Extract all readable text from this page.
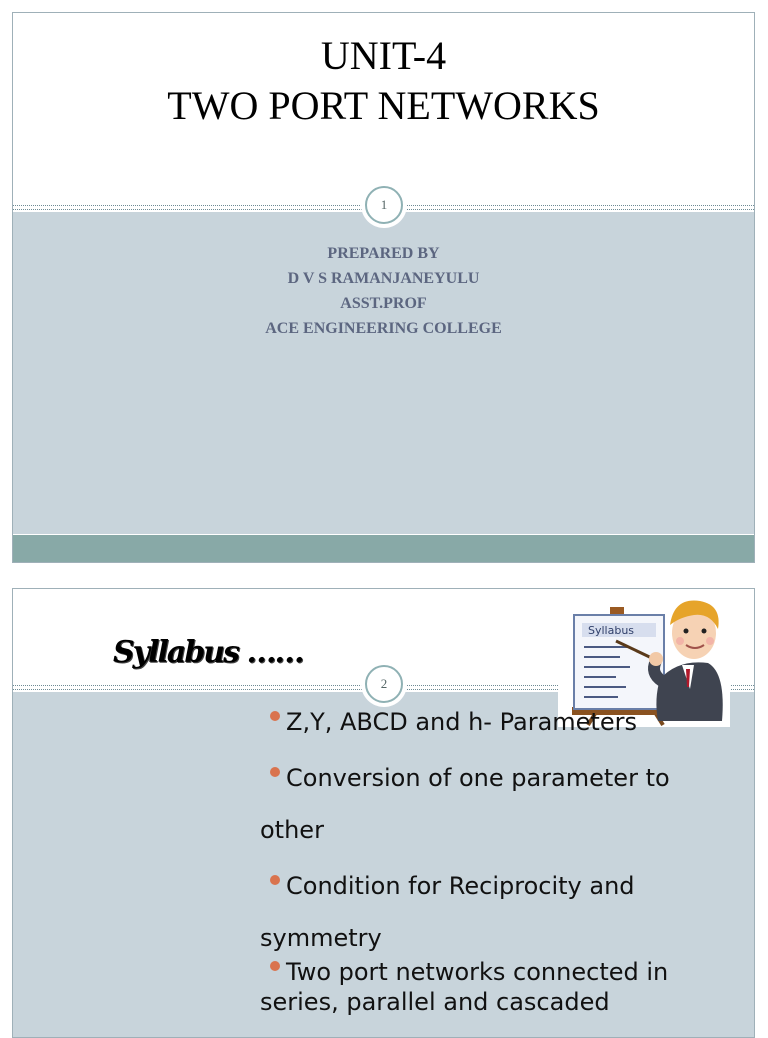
UNIT-4
TWO PORT NETWORKS
PREPARED BY
D V S RAMANJANEYULU
ASST.PROF
ACE ENGINEERING COLLEGE
1
Syllabus ……
Syllabus
Z,Y, ABCD and h- Parameters
Conversion of one parameter to
other
Condition for Reciprocity and
symmetry
Two port networks connected in
series, parallel and cascaded
2
